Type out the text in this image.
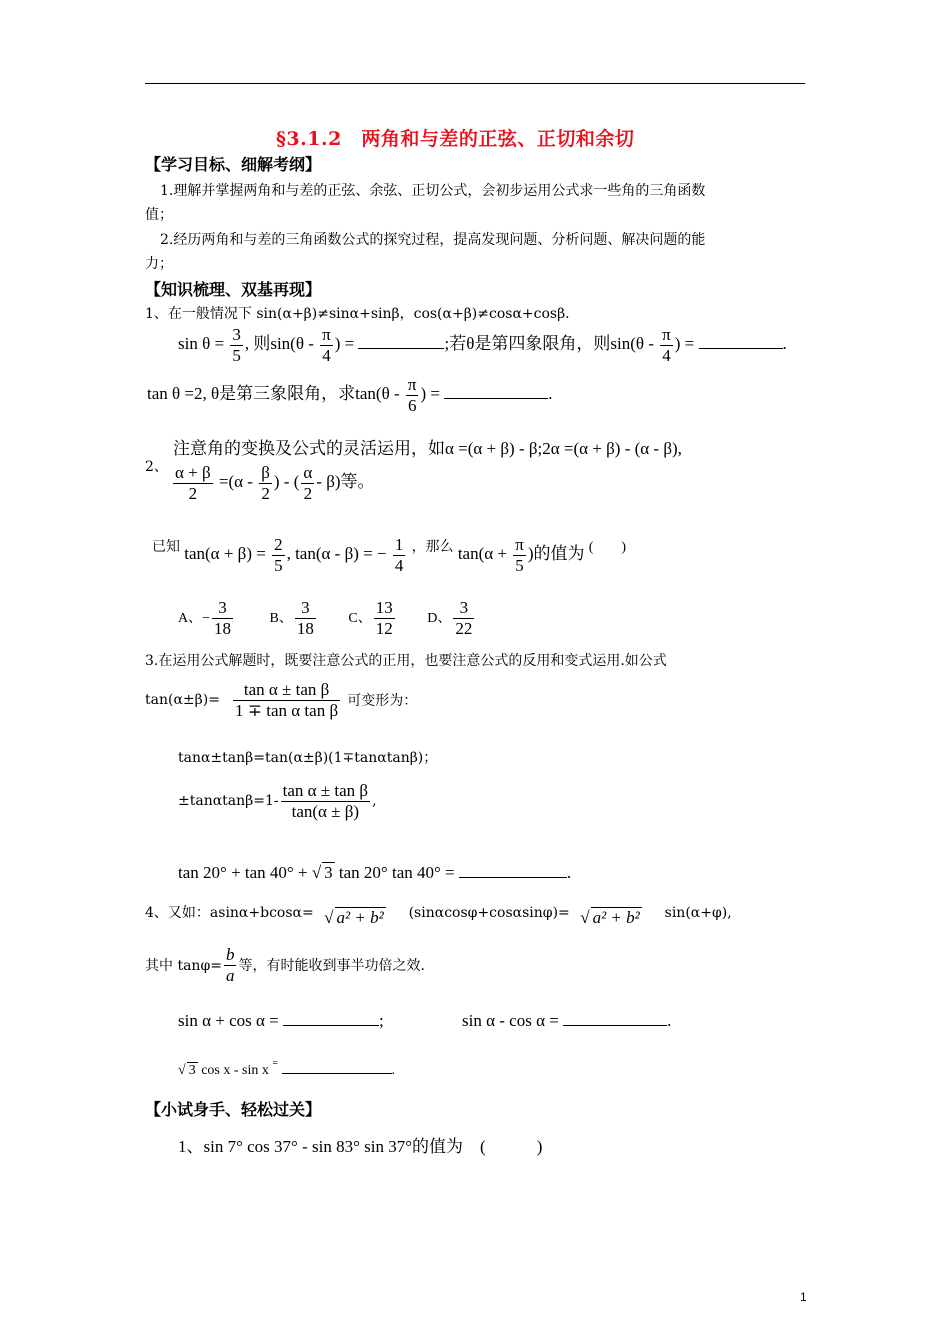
§3.1.2　两角和与差的正弦、正切和余切
【学习目标、细解考纲】
1.理解并掌握两角和与差的正弦、余弦、正切公式，会初步运用公式求一些角的三角函数
值；
2.经历两角和与差的三角函数公式的探究过程，提高发现问题、分析问题、解决问题的能
力；
【知识梳理、双基再现】
1、在一般情况下 sin(α+β)≠sinα+sinβ，cos(α+β)≠cosα+cosβ.
$\sin \theta = \frac{3}{5}$ , 则$\sin(\theta - \frac{\pi}{4}$ ) =	;若θ是第四象限角，则$\sin(\theta - \frac{\pi}{4}$ ) =	.
tan θ =2, θ是第三象限角，求$\tan(\theta - \frac{\pi}{6}$ ) =	.
2、
注意角的变换及公式的灵活运用，如α =(α + β) - β;2α =(α + β) - (α - β),
$\frac{\alpha + \beta}{2} =(\alpha - \frac{\beta}{2}$ ) - ( $\frac{\alpha}{2} - \beta$)等。
$^{已知}$ $\tan(\alpha + \beta) = \frac{2}{5}$ , tan(α - β) = − $\frac{1}{4} ^{,那么}$ $\tan(\alpha + \frac{\pi}{5}$ )的值为 (　　)
A、− $\frac{3}{18}$	B、 $\frac{3}{18}$ C、 $\frac{13}{12}$ D、 $\frac{3}{22}$
3.在运用公式解题时，既要注意公式的正用，也要注意公式的反用和变式运用.如公式
$\tan(\alpha\pm\beta)= \frac{\text{tan α ± tan β}}{\text{1 ∓ tan α tan β}}$ 可变形为：
tanα±tanβ=tan(α±β)(1∓tanαtanβ)；
$\pm\tan\alpha\tan\beta=1- \frac{\text{tan α ± tan β}}{\tan(\alpha \pm \beta)}$ ,
tan 20° + tan 40° + √ 3 tan 20° tan 40° =	.
4、又如：asinα+bcosα= √ a² + b² (sinαcosφ+cosαsinφ)= √ a² + b² sin(α+φ),
其中 $\tan\varphi= \frac{b}{a}$ 等，有时能收到事半功倍之效.
sin α + cos α =	;	sin α - cos α =	.
√ 3 cos x - sin x =	.
【小试身手、轻松过关】
1、sin 7° cos 37° - sin 83° sin 37°的值为　(　　　)
1
